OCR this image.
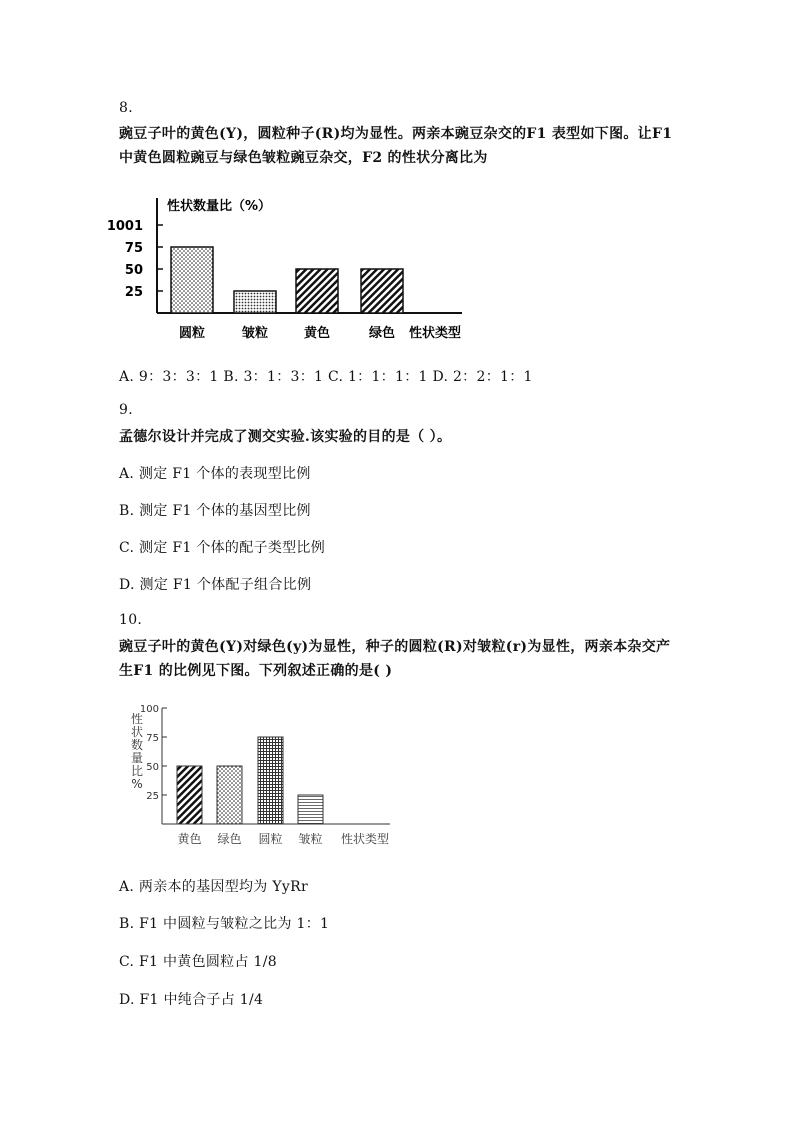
8.
豌豆子叶的黄色(Y)，圆粒种子(R)均为显性。两亲本豌豆杂交的F1 表型如下图。让F1
中黄色圆粒豌豆与绿色皱粒豌豆杂交，F2 的性状分离比为
性状数量比（%）
1001
75
50
25
圆粒	皱粒	黄色	绿色 性状类型
A. 9：3：3：1 B. 3：1：3：1 C. 1：1：1：1 D. 2：2：1：1
9.
孟德尔设计并完成了测交实验.该实验的目的是（ ）。
A. 测定 F1 个体的表现型比例
B. 测定 F1 个体的基因型比例
C. 测定 F1 个体的配子类型比例
D. 测定 F1 个体配子组合比例
10.
豌豆子叶的黄色(Y)对绿色(y)为显性，种子的圆粒(R)对皱粒(r)为显性，两亲本杂交产
生F1 的比例见下图。下列叙述正确的是( )
100
75
50
25
性
状
数
量
比
%
黄色 绿色 圆粒 皱粒 性状类型
A. 两亲本的基因型均为 YyRr
B. F1 中圆粒与皱粒之比为 1：1
C. F1 中黄色圆粒占 1/8
D. F1 中纯合子占 1/4
